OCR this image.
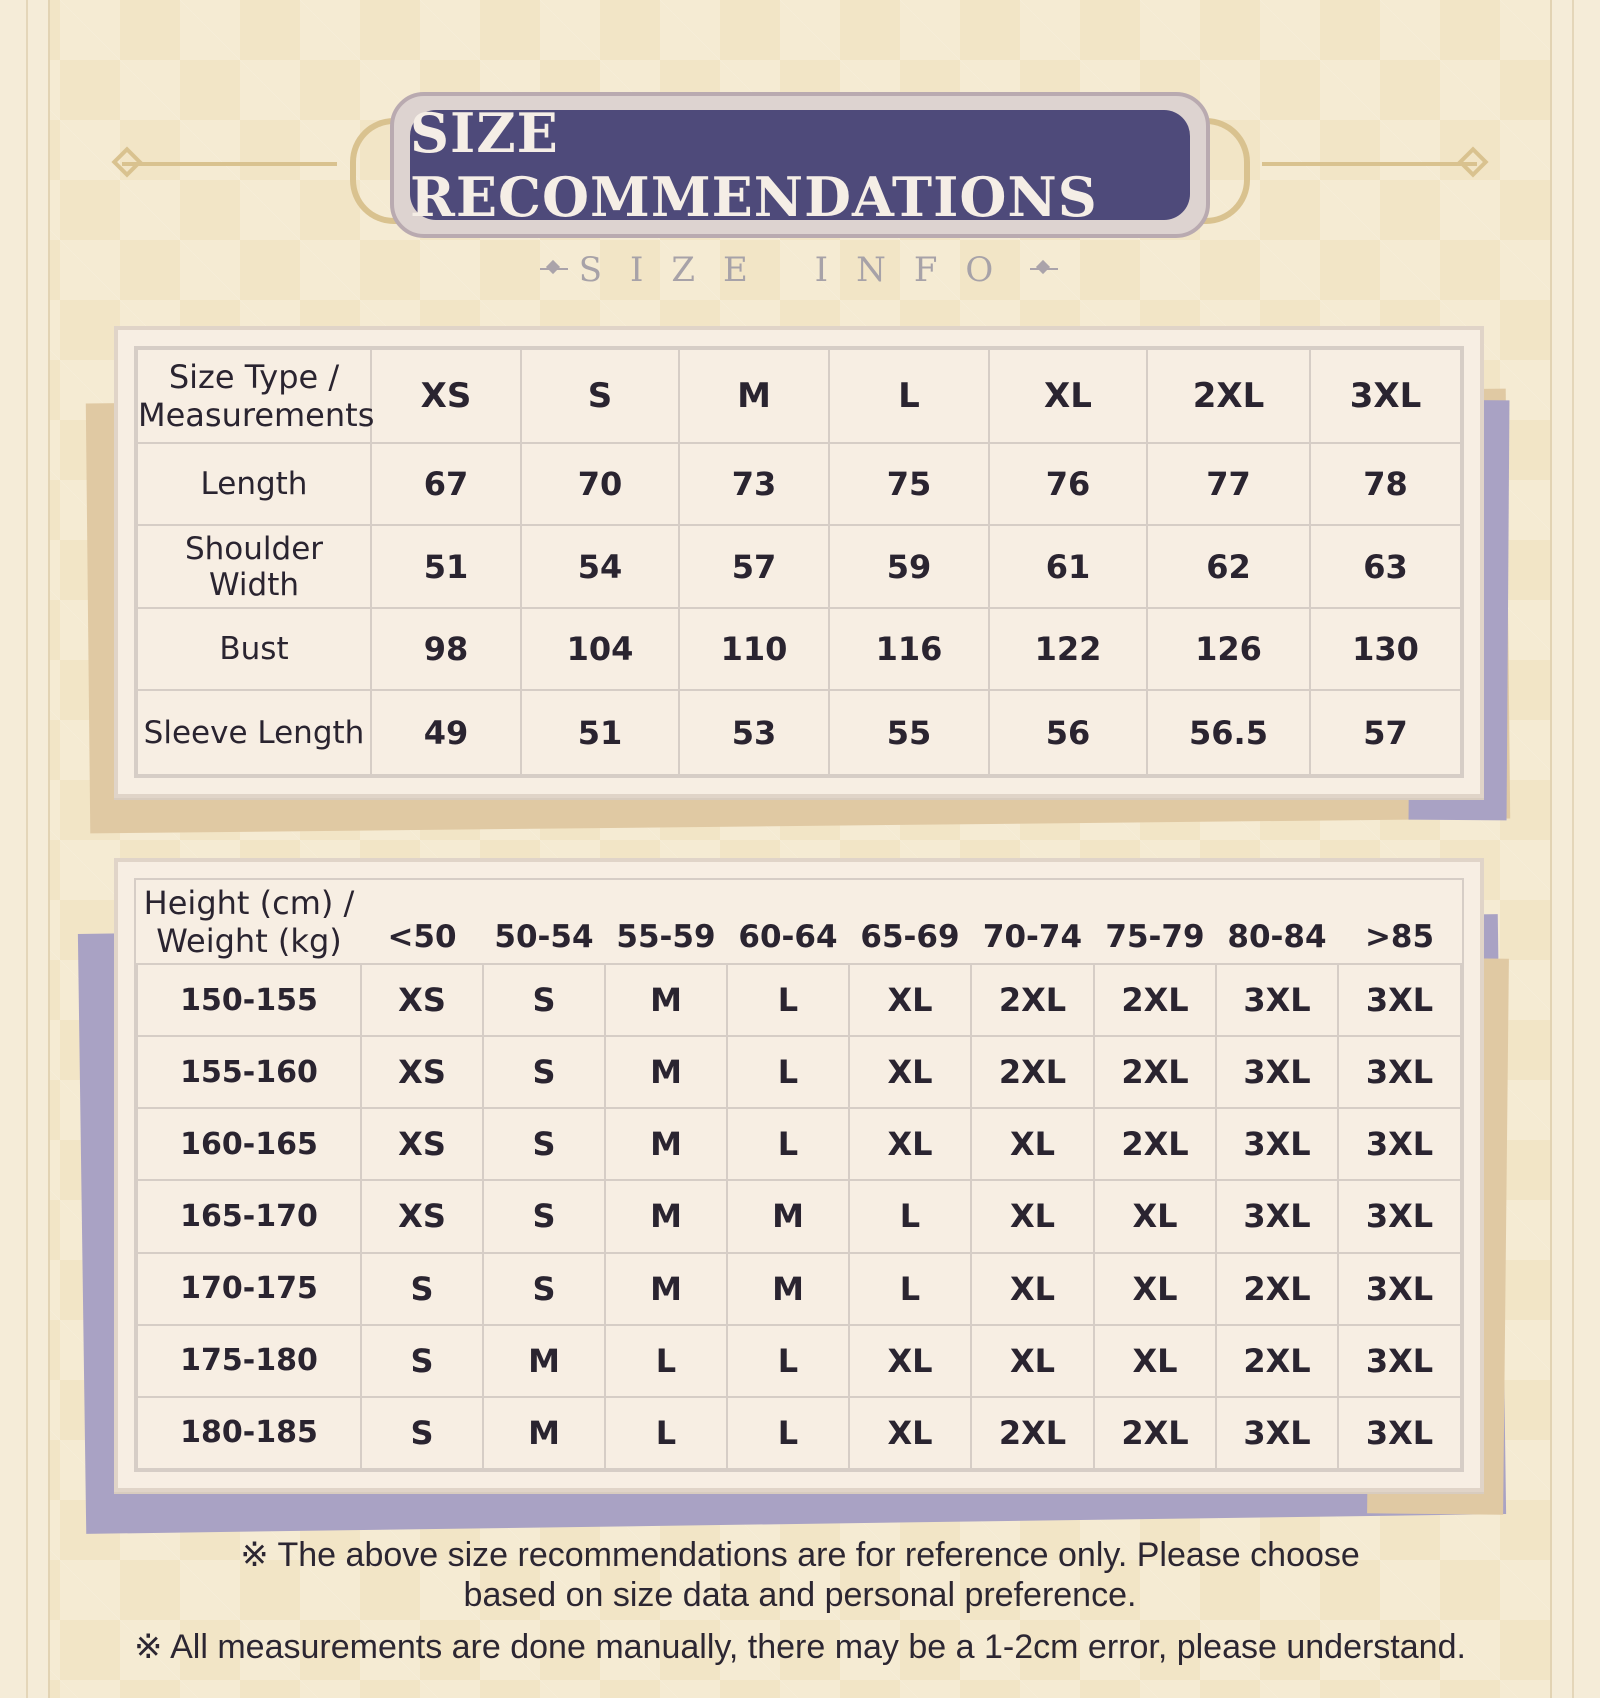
SIZE RECOMMENDATIONS
SIZE INFO
Size Type /
Measurements	XS	S	M	L	XL	2XL	3XL
Length	67	70	73	75	76	77	78
Shoulder Width	51	54	57	59	61	62	63
Bust	98	104	110	116	122	126	130
Sleeve Length	49	51	53	55	56	56.5	57
Height (cm) /
Weight (kg)	<50	50-54	55-59	60-64	65-69	70-74	75-79	80-84	>85
150-155	XS	S	M	L	XL	2XL	2XL	3XL	3XL
155-160	XS	S	M	L	XL	2XL	2XL	3XL	3XL
160-165	XS	S	M	L	XL	XL	2XL	3XL	3XL
165-170	XS	S	M	M	L	XL	XL	3XL	3XL
170-175	S	S	M	M	L	XL	XL	2XL	3XL
175-180	S	M	L	L	XL	XL	XL	2XL	3XL
180-185	S	M	L	L	XL	2XL	2XL	3XL	3XL
※ The above size recommendations are for reference only. Please choose
based on size data and personal preference.
※ All measurements are done manually, there may be a 1-2cm error, please understand.
